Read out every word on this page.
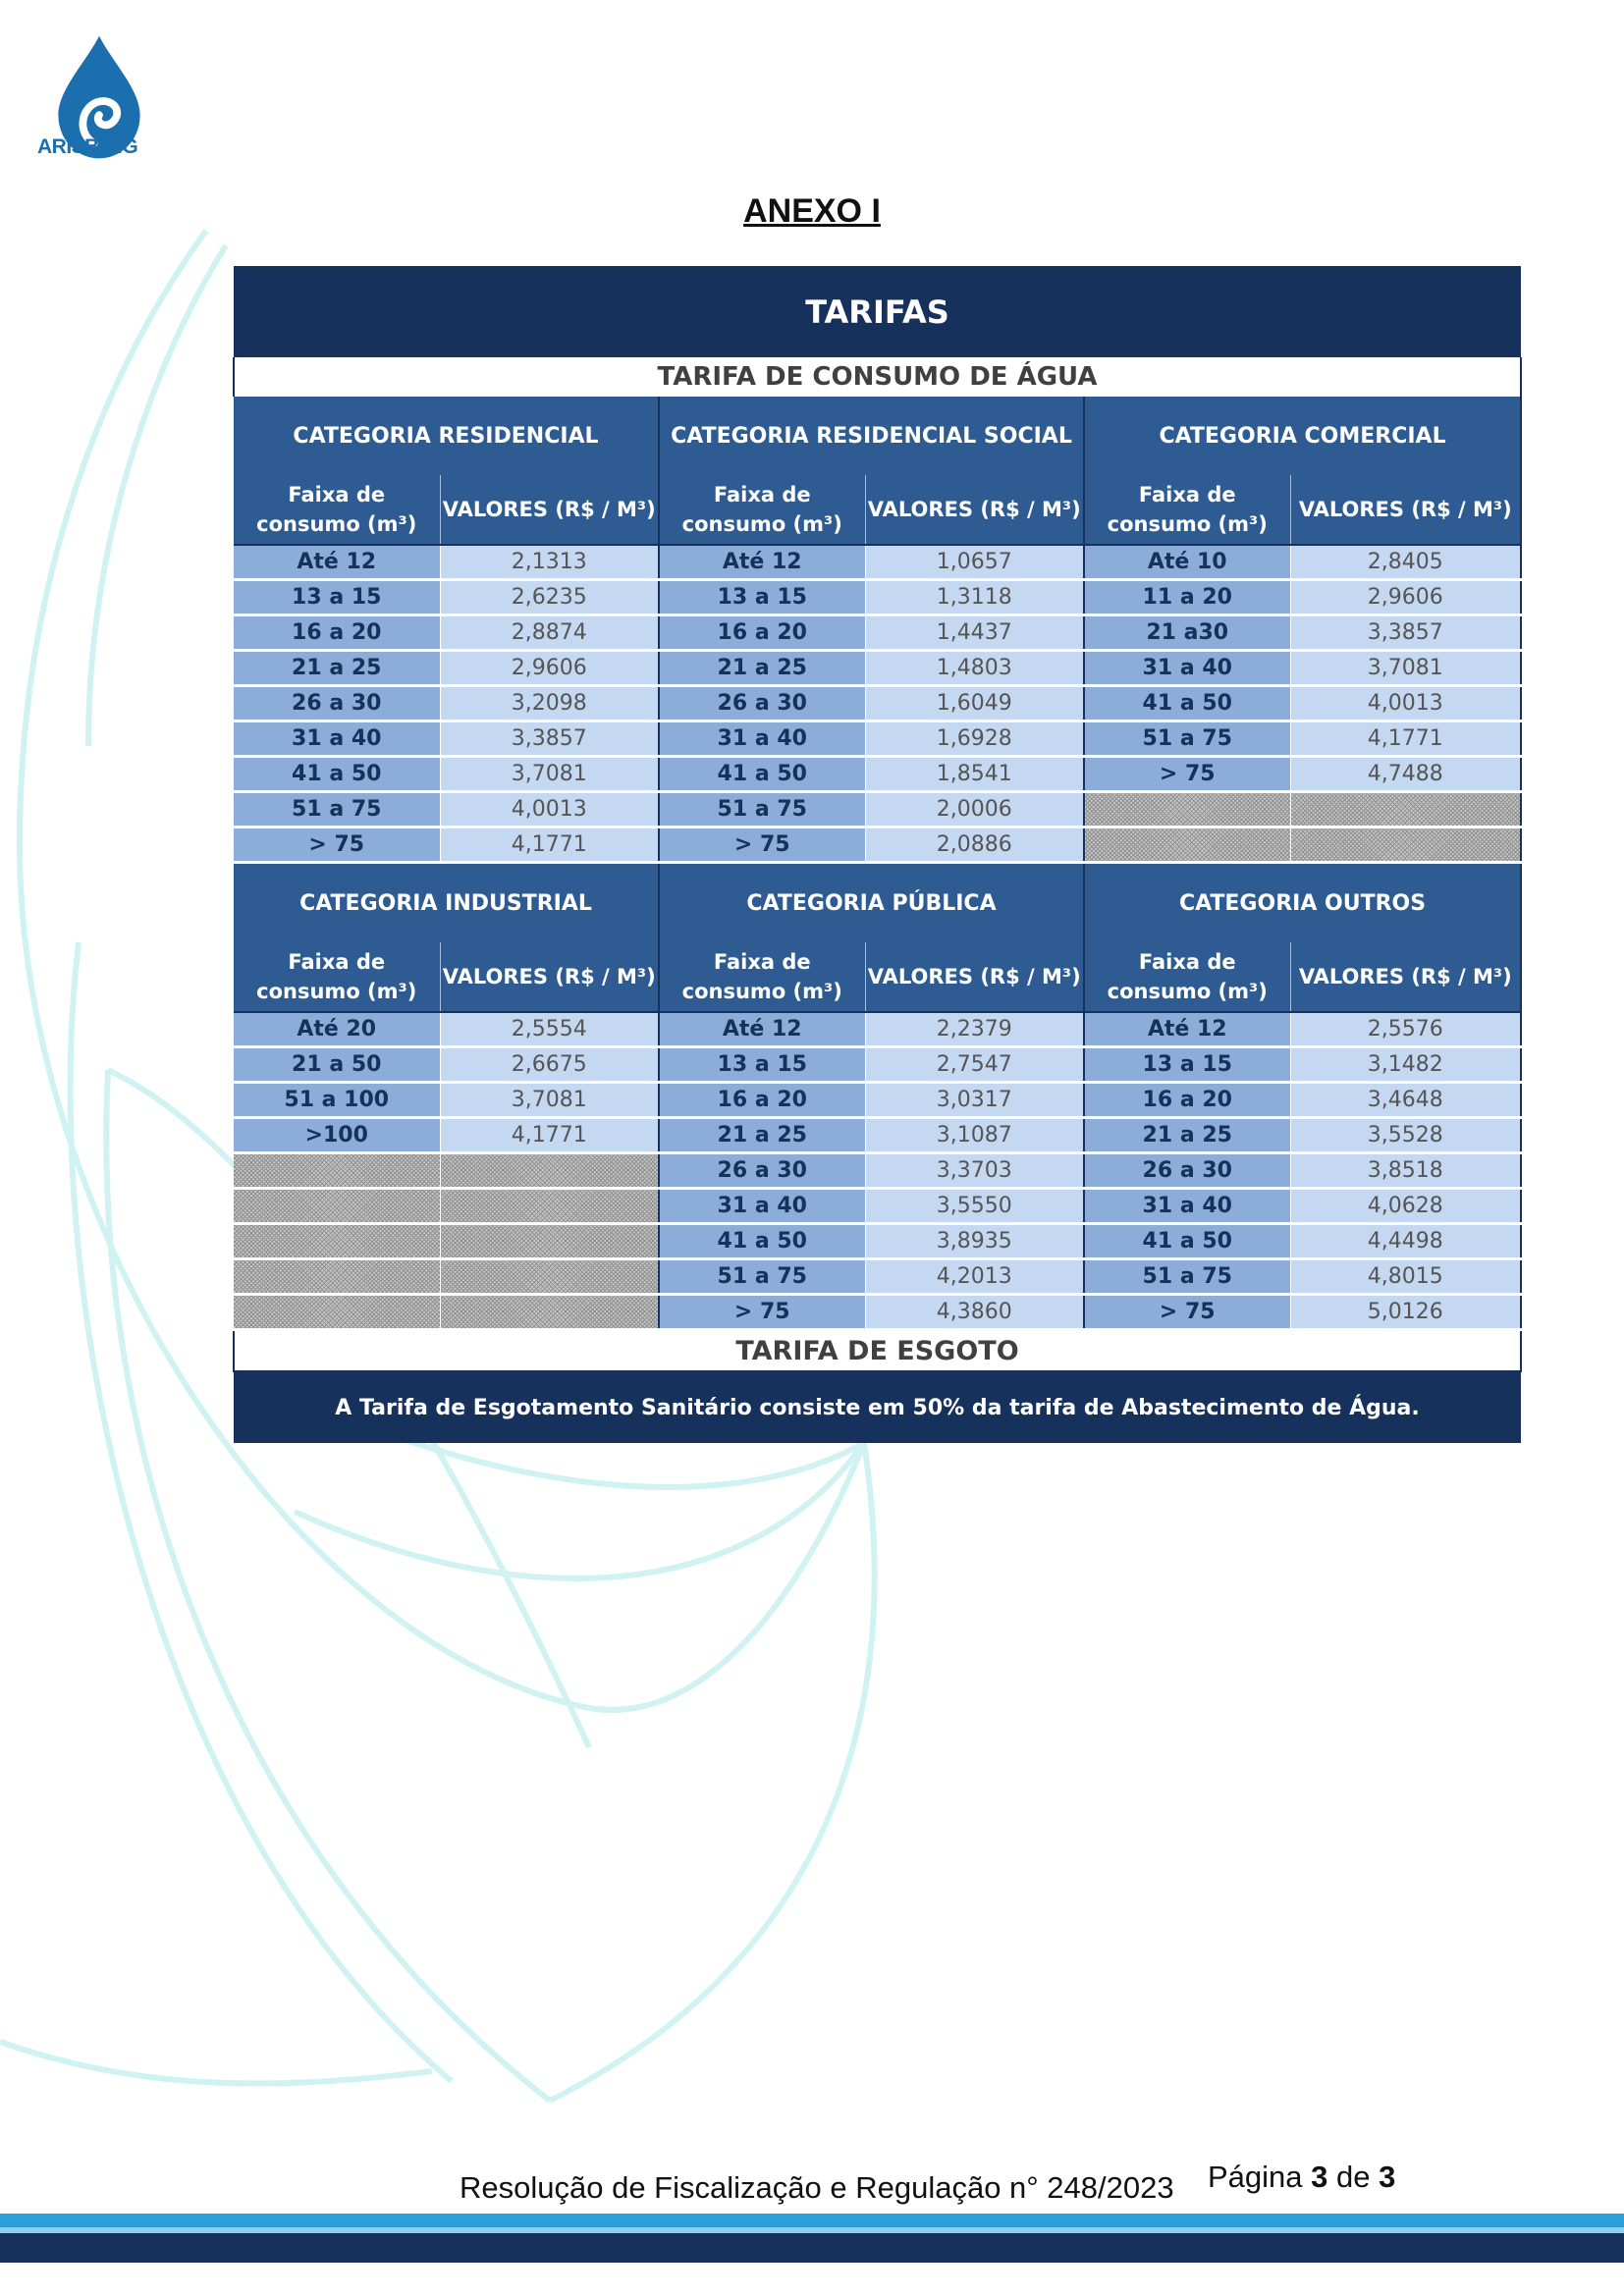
ARISB-MG
ANEXO I
TARIFAS					
TARIFA DE CONSUMO DE ÁGUA					
CATEGORIA RESIDENCIAL		CATEGORIA RESIDENCIAL SOCIAL		CATEGORIA COMERCIAL	
Faixa de consumo (m³)	VALORES (R$ / M³)	Faixa de consumo (m³)	VALORES (R$ / M³)	Faixa de consumo (m³)	VALORES (R$ / M³)
Até 12	2,1313	Até 12	1,0657	Até 10	2,8405
13 a 15	2,6235	13 a 15	1,3118	11 a 20	2,9606
16 a 20	2,8874	16 a 20	1,4437	21 a30	3,3857
21 a 25	2,9606	21 a 25	1,4803	31 a 40	3,7081
26 a 30	3,2098	26 a 30	1,6049	41 a 50	4,0013
31 a 40	3,3857	31 a 40	1,6928	51 a 75	4,1771
41 a 50	3,7081	41 a 50	1,8541	> 75	4,7488
51 a 75	4,0013	51 a 75	2,0006		
> 75	4,1771	> 75	2,0886		
CATEGORIA INDUSTRIAL		CATEGORIA PÚBLICA		CATEGORIA OUTROS	
Faixa de consumo (m³)	VALORES (R$ / M³)	Faixa de consumo (m³)	VALORES (R$ / M³)	Faixa de consumo (m³)	VALORES (R$ / M³)
Até 20	2,5554	Até 12	2,2379	Até 12	2,5576
21 a 50	2,6675	13 a 15	2,7547	13 a 15	3,1482
51 a 100	3,7081	16 a 20	3,0317	16 a 20	3,4648
>100	4,1771	21 a 25	3,1087	21 a 25	3,5528
		26 a 30	3,3703	26 a 30	3,8518
		31 a 40	3,5550	31 a 40	4,0628
		41 a 50	3,8935	41 a 50	4,4498
		51 a 75	4,2013	51 a 75	4,8015
		> 75	4,3860	> 75	5,0126
TARIFA DE ESGOTO					
A Tarifa de Esgotamento Sanitário consiste em 50% da tarifa de Abastecimento de Água.					
Resolução de Fiscalização e Regulação n° 248/2023 Página 3 de 3
